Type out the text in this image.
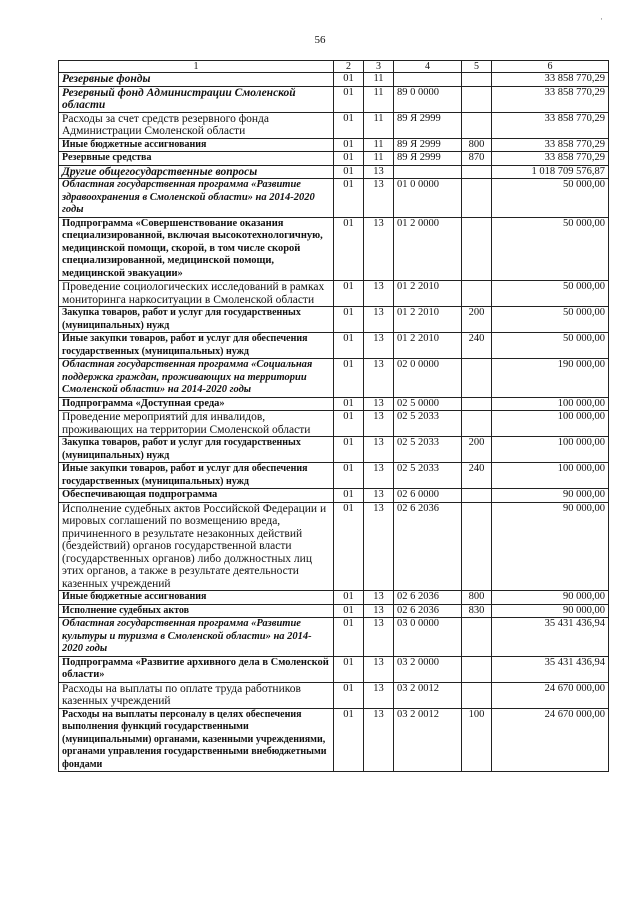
56
·
1	2	3	4	5	6
Резервные фонды	01	11			33 858 770,29
Резервный фонд Администрации Смоленской области	01	11	89 0 0000		33 858 770,29
Расходы за счет средств резервного фонда Администрации Смоленской области	01	11	89 Я 2999		33 858 770,29
Иные бюджетные ассигнования	01	11	89 Я 2999	800	33 858 770,29
Резервные средства	01	11	89 Я 2999	870	33 858 770,29
Другие общегосударственные вопросы	01	13			1 018 709 576,87
Областная государственная программа «Развитие здравоохранения в Смоленской области» на 2014-2020 годы	01	13	01 0 0000		50 000,00
Подпрограмма «Совершенствование оказания специализированной, включая высокотехнологичную, медицинской помощи, скорой, в том числе скорой специализированной, медицинской помощи, медицинской эвакуации»	01	13	01 2 0000		50 000,00
Проведение социологических исследований в рамках мониторинга наркоситуации в Смоленской области	01	13	01 2 2010		50 000,00
Закупка товаров, работ и услуг для государственных (муниципальных) нужд	01	13	01 2 2010	200	50 000,00
Иные закупки товаров, работ и услуг для обеспечения государственных (муниципальных) нужд	01	13	01 2 2010	240	50 000,00
Областная государственная программа «Социальная поддержка граждан, проживающих на территории Смоленской области» на 2014-2020 годы	01	13	02 0 0000		190 000,00
Подпрограмма «Доступная среда»	01	13	02 5 0000		100 000,00
Проведение мероприятий для инвалидов, проживающих на территории Смоленской области	01	13	02 5 2033		100 000,00
Закупка товаров, работ и услуг для государственных (муниципальных) нужд	01	13	02 5 2033	200	100 000,00
Иные закупки товаров, работ и услуг для обеспечения государственных (муниципальных) нужд	01	13	02 5 2033	240	100 000,00
Обеспечивающая подпрограмма	01	13	02 6 0000		90 000,00
Исполнение судебных актов Российской Федерации и мировых соглашений по возмещению вреда, причиненного в результате незаконных действий (бездействий) органов государственной власти (государственных органов) либо должностных лиц этих органов, а также в результате деятельности казенных учреждений	01	13	02 6 2036		90 000,00
Иные бюджетные ассигнования	01	13	02 6 2036	800	90 000,00
Исполнение судебных актов	01	13	02 6 2036	830	90 000,00
Областная государственная программа «Развитие культуры и туризма в Смоленской области» на 2014-2020 годы	01	13	03 0 0000		35 431 436,94
Подпрограмма «Развитие архивного дела в Смоленской области»	01	13	03 2 0000		35 431 436,94
Расходы на выплаты по оплате труда работников казенных учреждений	01	13	03 2 0012		24 670 000,00
Расходы на выплаты персоналу в целях обеспечения выполнения функций государственными (муниципальными) органами, казенными учреждениями, органами управления государственными внебюджетными фондами	01	13	03 2 0012	100	24 670 000,00
